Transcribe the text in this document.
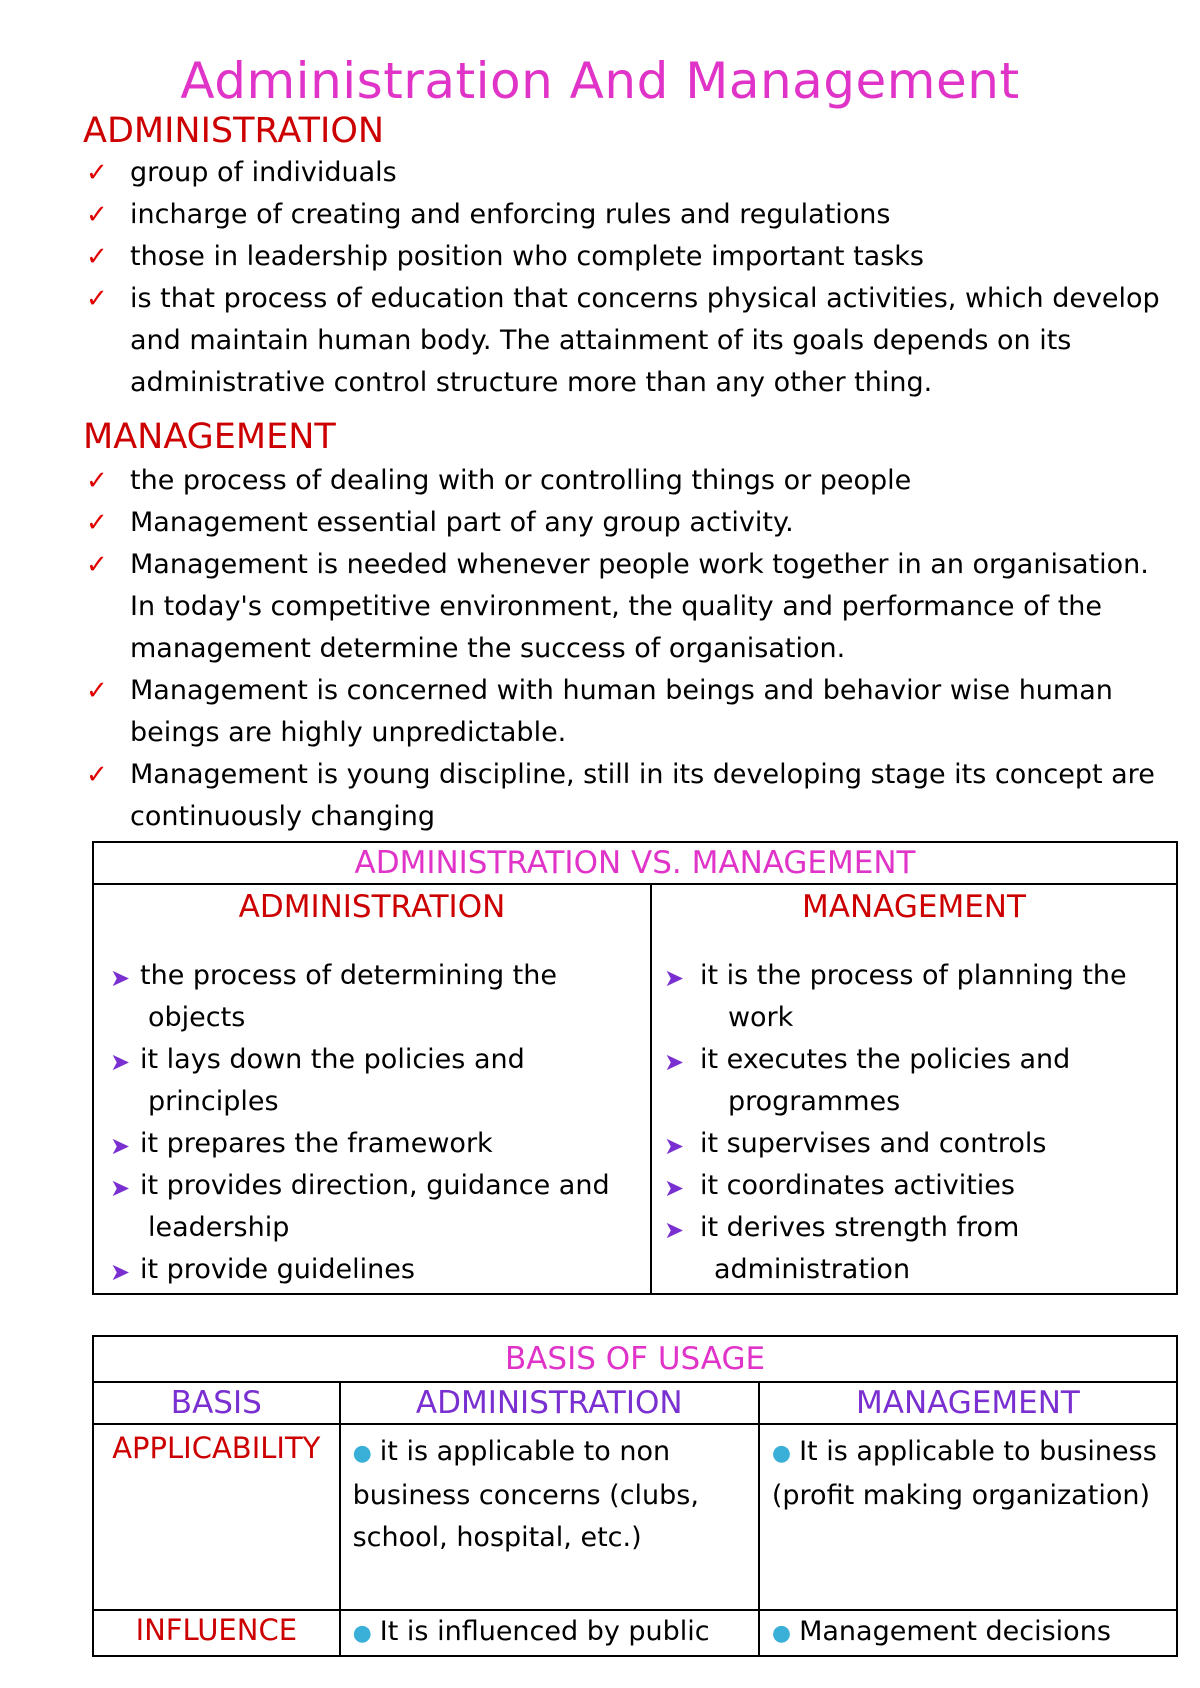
Administration And Management
ADMINISTRATION
✓ group of individuals
✓ incharge of creating and enforcing rules and regulations
✓ those in leadership position who complete important tasks
✓ is that process of education that concerns physical activities, which develop and maintain human body. The attainment of its goals depends on its administrative control structure more than any other thing.
MANAGEMENT
✓ the process of dealing with or controlling things or people
✓ Management essential part of any group activity.
✓ Management is needed whenever people work together in an organisation. In today's competitive environment, the quality and performance of the management determine the success of organisation.
✓ Management is concerned with human beings and behavior wise human beings are highly unpredictable.
✓ Management is young discipline, still in its developing stage its concept are continuously changing
ADMINISTRATION VS. MANAGEMENT

ADMINISTRATION
➤ the process of determining the objects
➤ it lays down the policies and principles
➤ it prepares the framework
➤ it provides direction, guidance and leadership
➤ it provide guidelines

MANAGEMENT
➤ it is the process of planning the work
➤ it executes the policies and programmes
➤ it supervises and controls
➤ it coordinates activities
➤ it derives strength from administration
BASIS OF USAGE		
BASIS	ADMINISTRATION	MANAGEMENT
APPLICABILITY	● it is applicable to non business concerns (clubs, school, hospital, etc.)	● It is applicable to business (profit making organization)
INFLUENCE	● It is influenced by public	● Management decisions
